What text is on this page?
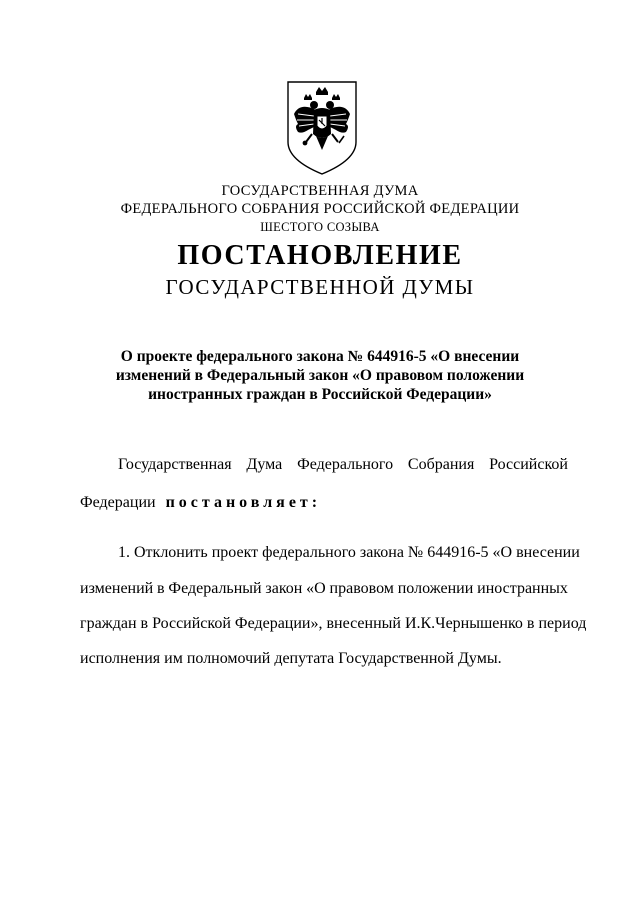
ГОСУДАРСТВЕННАЯ ДУМА
ФЕДЕРАЛЬНОГО СОБРАНИЯ РОССИЙСКОЙ ФЕДЕРАЦИИ
ШЕСТОГО СОЗЫВА
ПОСТАНОВЛЕНИЕ
ГОСУДАРСТВЕННОЙ ДУМЫ
О проекте федерального закона № 644916-5 «О внесении
изменений в Федеральный закон «О правовом положении
иностранных граждан в Российской Федерации»
Государственная Дума Федерального Собрания Российской
Федерации постановляет:
1. Отклонить проект федерального закона № 644916-5 «О внесении
изменений в Федеральный закон «О правовом положении иностранных
граждан в Российской Федерации», внесенный И.К.Чернышенко в период
исполнения им полномочий депутата Государственной Думы.
